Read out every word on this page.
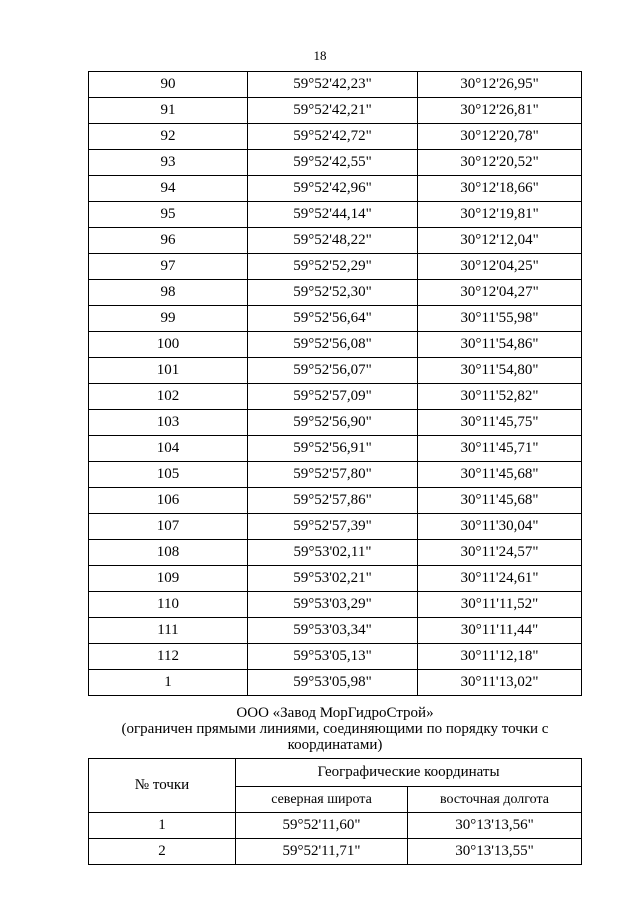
18
90	59°52'42,23"	30°12'26,95"
91	59°52'42,21"	30°12'26,81"
92	59°52'42,72"	30°12'20,78"
93	59°52'42,55"	30°12'20,52"
94	59°52'42,96"	30°12'18,66"
95	59°52'44,14"	30°12'19,81"
96	59°52'48,22"	30°12'12,04"
97	59°52'52,29"	30°12'04,25"
98	59°52'52,30"	30°12'04,27"
99	59°52'56,64"	30°11'55,98"
100	59°52'56,08"	30°11'54,86"
101	59°52'56,07"	30°11'54,80"
102	59°52'57,09"	30°11'52,82"
103	59°52'56,90"	30°11'45,75"
104	59°52'56,91"	30°11'45,71"
105	59°52'57,80"	30°11'45,68"
106	59°52'57,86"	30°11'45,68"
107	59°52'57,39"	30°11'30,04"
108	59°53'02,11"	30°11'24,57"
109	59°53'02,21"	30°11'24,61"
110	59°53'03,29"	30°11'11,52"
111	59°53'03,34"	30°11'11,44"
112	59°53'05,13"	30°11'12,18"
1	59°53'05,98"	30°11'13,02"
ООО «Завод МорГидроСтрой»
(ограничен прямыми линиями, соединяющими по порядку точки с координатами)
№ точки	Географические координаты	
	северная широта	восточная долгота
1	59°52'11,60"	30°13'13,56"
2	59°52'11,71"	30°13'13,55"
